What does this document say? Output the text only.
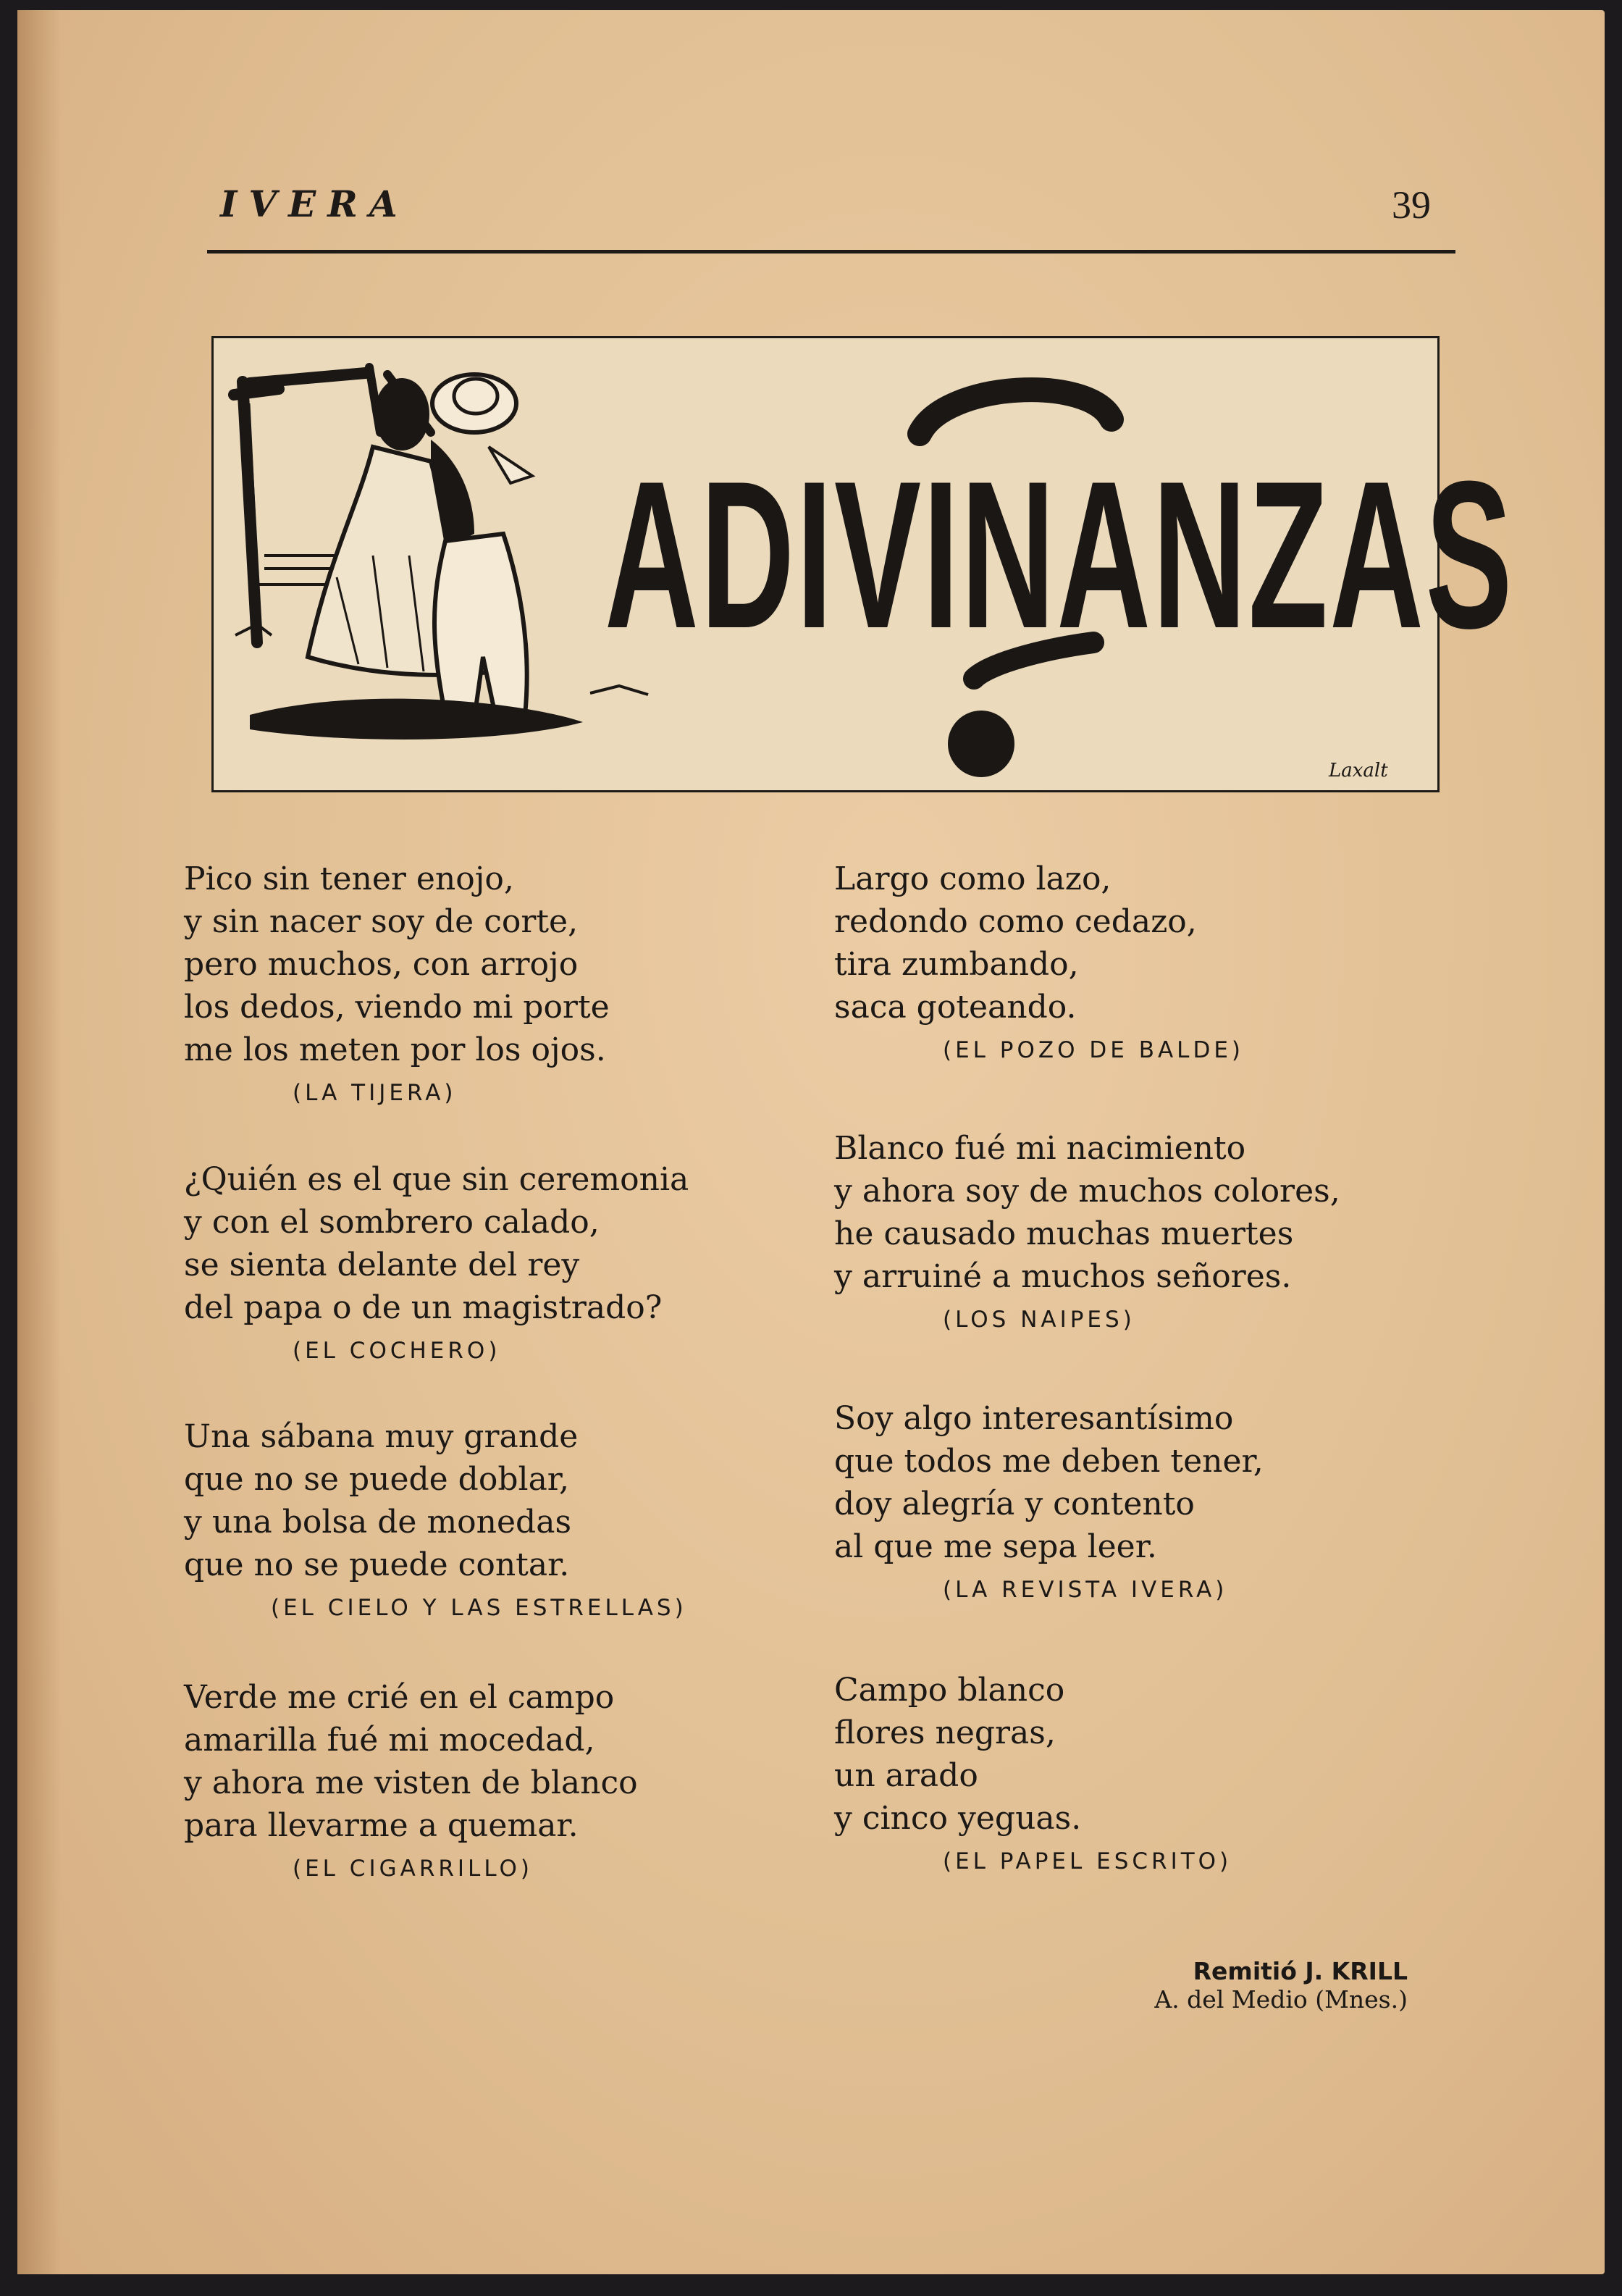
IVERA	39
ADIVINANZAS
Laxalt
Pico sin tener enojo,
y sin nacer soy de corte,
pero muchos, con arrojo
los dedos, viendo mi porte
me los meten por los ojos.
(LA TIJERA)
¿Quién es el que sin ceremonia
y con el sombrero calado,
se sienta delante del rey
del papa o de un magistrado?
(EL COCHERO)
Una sábana muy grande
que no se puede doblar,
y una bolsa de monedas
que no se puede contar.
(EL CIELO Y LAS ESTRELLAS)
Verde me crié en el campo
amarilla fué mi mocedad,
y ahora me visten de blanco
para llevarme a quemar.
(EL CIGARRILLO)
Largo como lazo,
redondo como cedazo,
tira zumbando,
saca goteando.
(EL POZO DE BALDE)
Blanco fué mi nacimiento
y ahora soy de muchos colores,
he causado muchas muertes
y arruiné a muchos señores.
(LOS NAIPES)
Soy algo interesantísimo
que todos me deben tener,
doy alegría y contento
al que me sepa leer.
(LA REVISTA IVERA)
Campo blanco
flores negras,
un arado
y cinco yeguas.
(EL PAPEL ESCRITO)
Remitió J. KRILL
A. del Medio (Mnes.)
